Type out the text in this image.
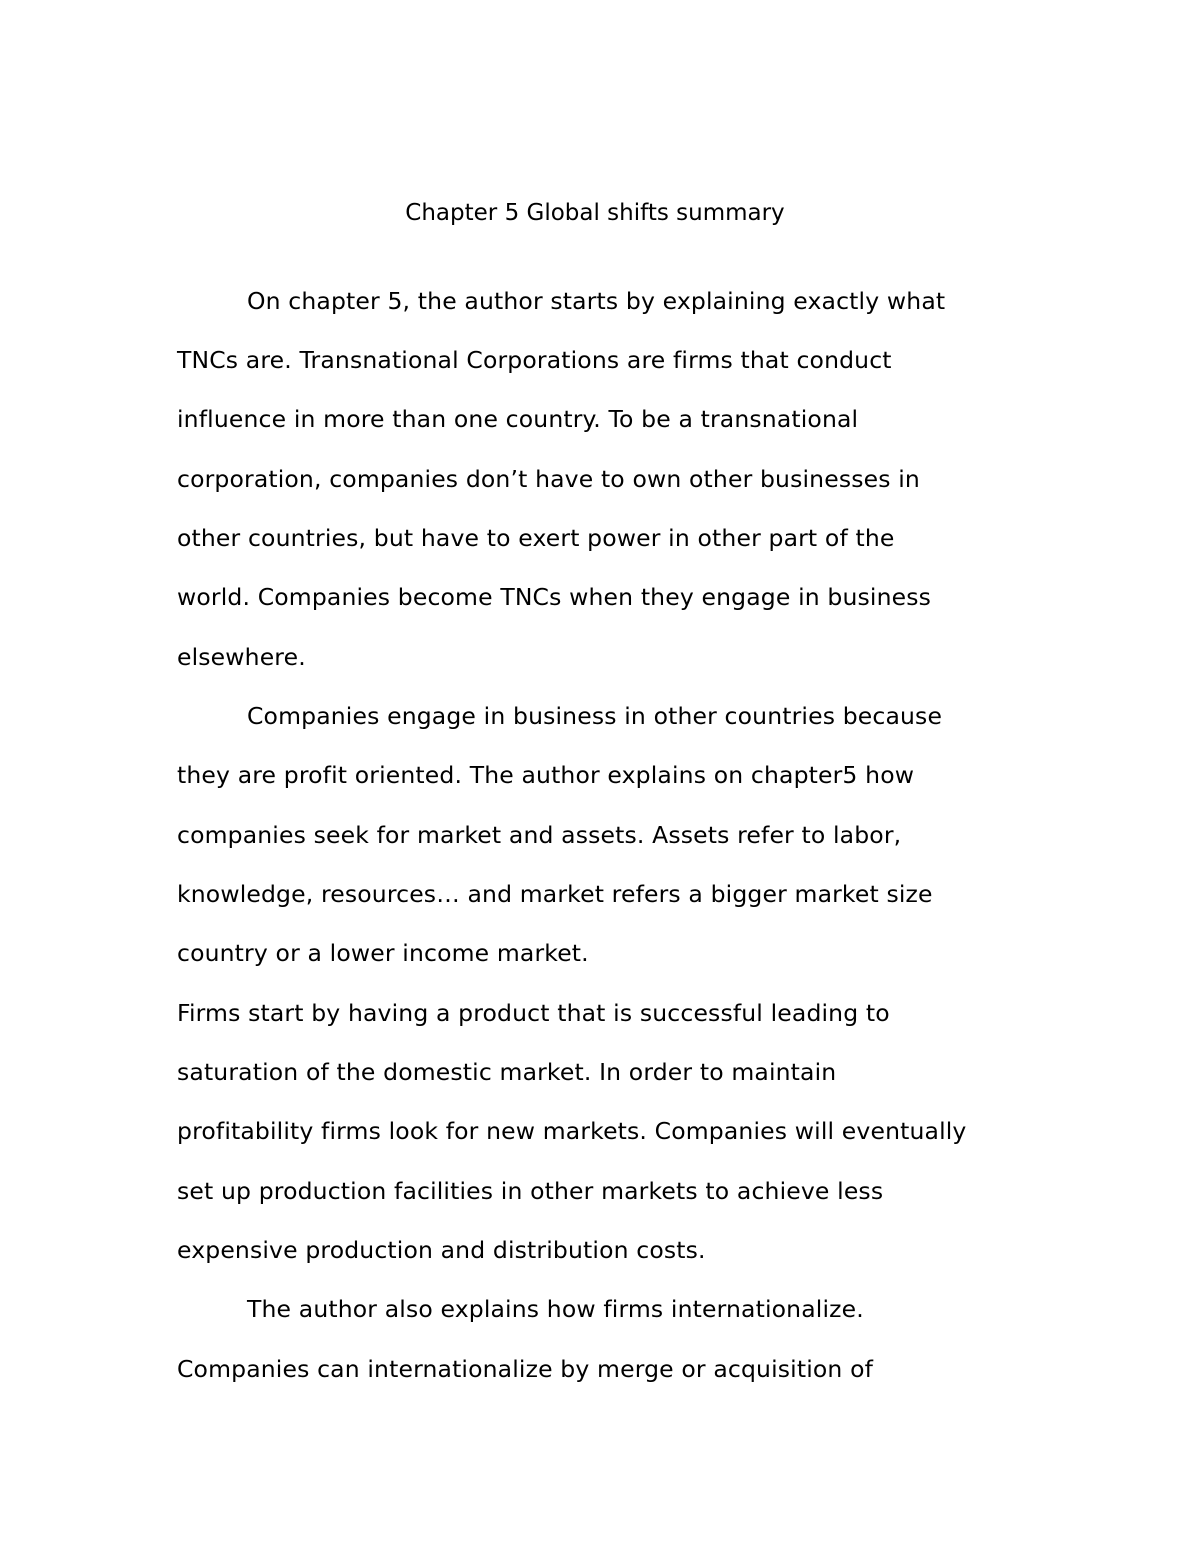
Chapter 5 Global shifts summary
On chapter 5, the author starts by explaining exactly what
TNCs are. Transnational Corporations are firms that conduct
influence in more than one country. To be a transnational
corporation, companies don’t have to own other businesses in
other countries, but have to exert power in other part of the
world. Companies become TNCs when they engage in business
elsewhere.
Companies engage in business in other countries because
they are profit oriented. The author explains on chapter5 how
companies seek for market and assets. Assets refer to labor,
knowledge, resources… and market refers a bigger market size
country or a lower income market.
Firms start by having a product that is successful leading to
saturation of the domestic market. In order to maintain
profitability firms look for new markets. Companies will eventually
set up production facilities in other markets to achieve less
expensive production and distribution costs.
The author also explains how firms internationalize.
Companies can internationalize by merge or acquisition of
